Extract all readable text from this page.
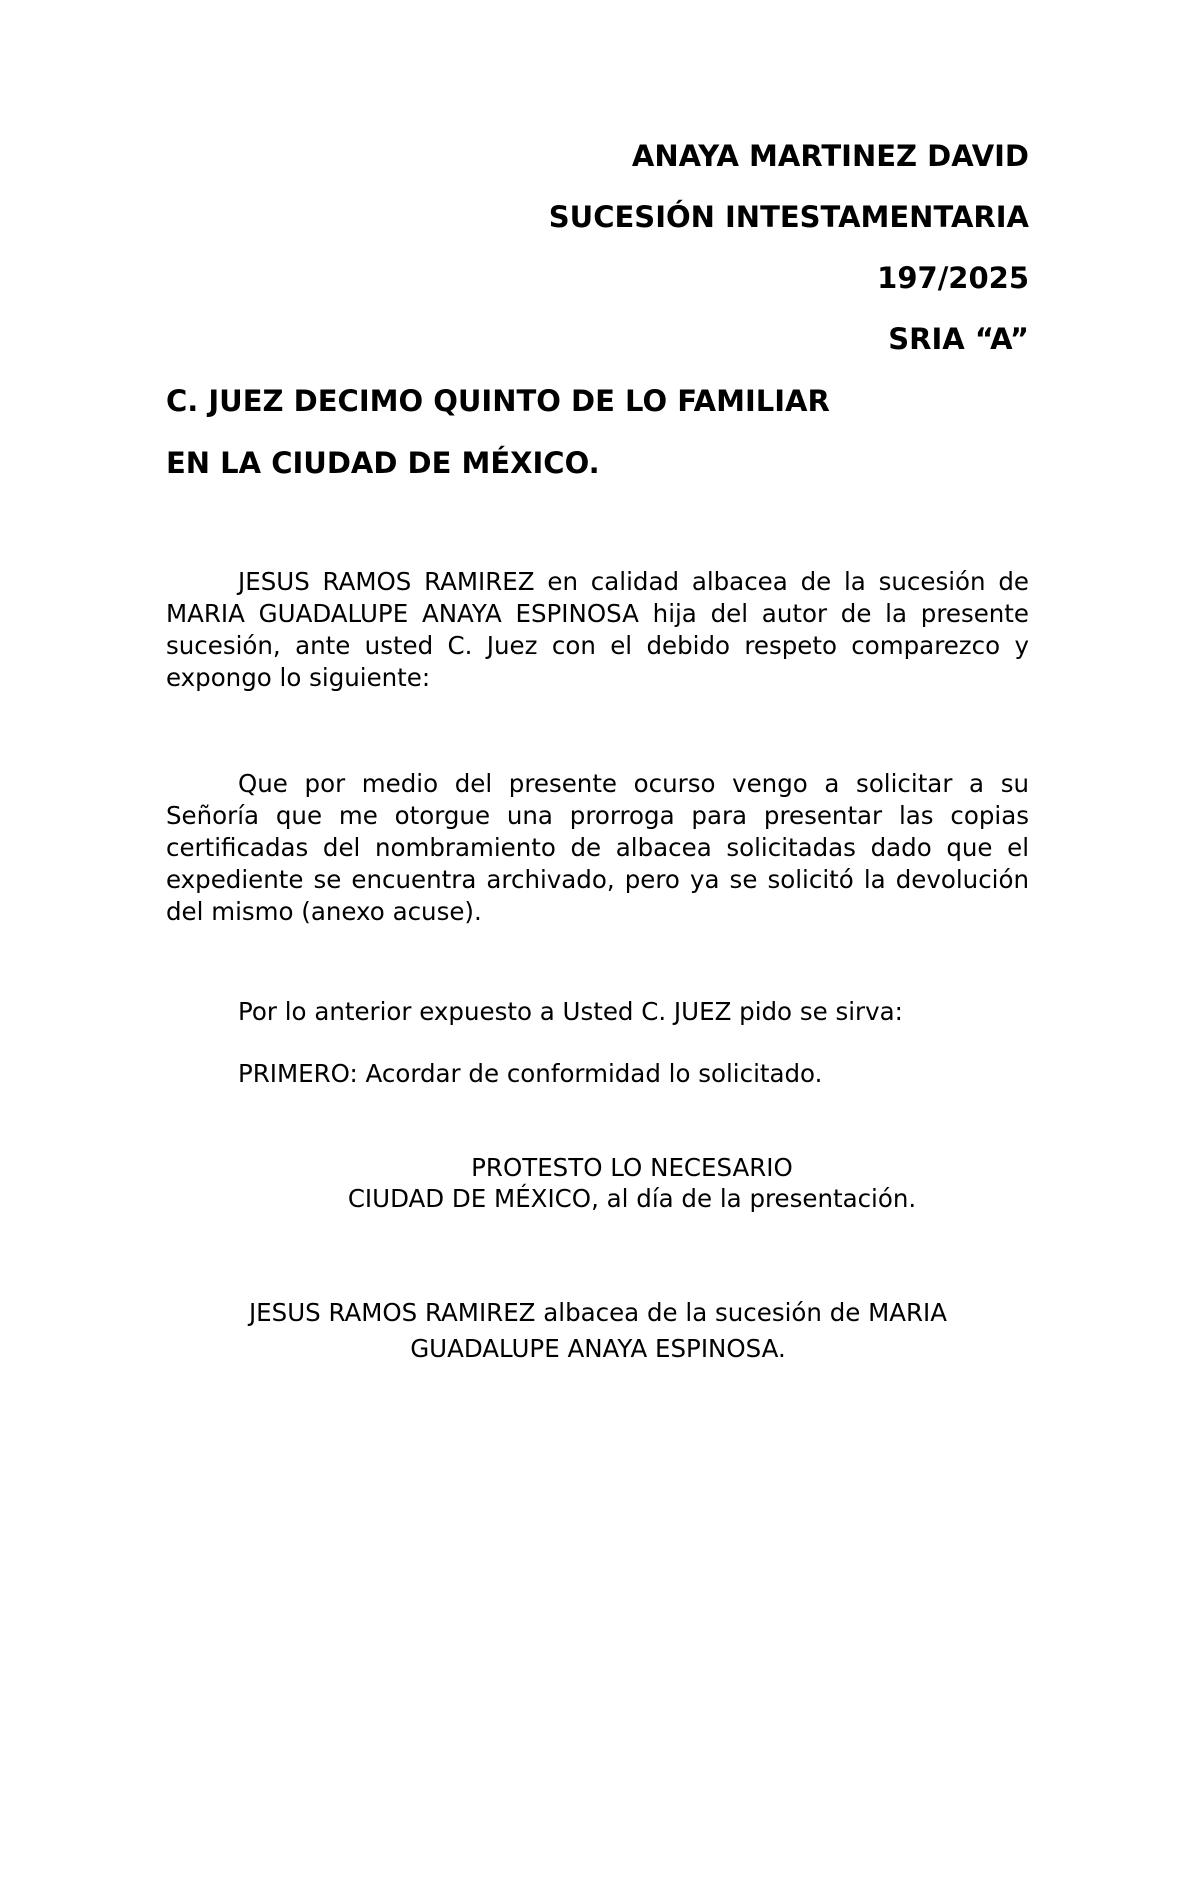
ANAYA MARTINEZ DAVID
SUCESIÓN INTESTAMENTARIA
197/2025
SRIA “A”
C. JUEZ DECIMO QUINTO DE LO FAMILIAR
EN LA CIUDAD DE MÉXICO.

JESUS RAMOS RAMIREZ en calidad albacea de la sucesión de MARIA GUADALUPE ANAYA ESPINOSA hija del autor de la presente sucesión, ante usted C. Juez con el debido respeto comparezco y expongo lo siguiente:

Que por medio del presente ocurso vengo a solicitar a su Señoría que me otorgue una prorroga para presentar las copias certificadas del nombramiento de albacea solicitadas dado que el expediente se encuentra archivado, pero ya se solicitó la devolución del mismo (anexo acuse).

Por lo anterior expuesto a Usted C. JUEZ pido se sirva:
PRIMERO: Acordar de conformidad lo solicitado.
PROTESTO LO NECESARIO
CIUDAD DE MÉXICO, al día de la presentación.
JESUS RAMOS RAMIREZ albacea de la sucesión de MARIA
GUADALUPE ANAYA ESPINOSA.
